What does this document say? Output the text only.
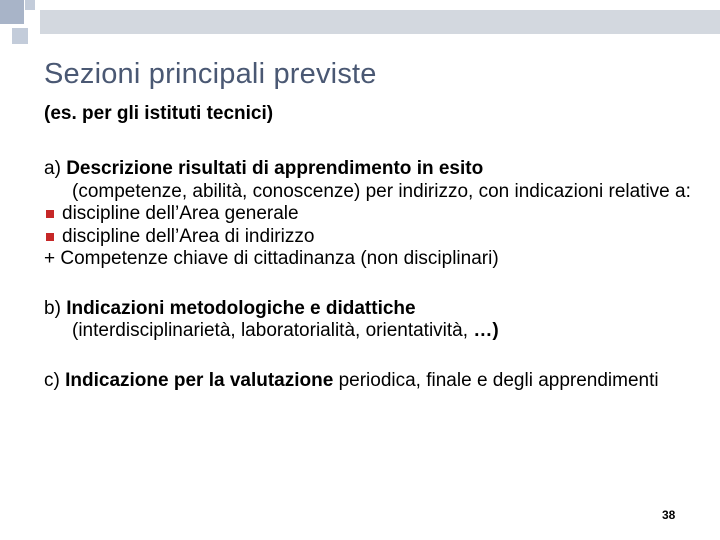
Sezioni principali previste
(es. per gli istituti tecnici)
a) Descrizione risultati di apprendimento in esito
(competenze, abilità, conoscenze) per indirizzo, con indicazioni relative a:
discipline dell’Area generale
discipline dell’Area di indirizzo
+ Competenze chiave di cittadinanza (non disciplinari)
b) Indicazioni metodologiche e didattiche
(interdisciplinarietà, laboratorialità, orientatività, …)
c) Indicazione per la valutazione periodica, finale e degli apprendimenti
38
